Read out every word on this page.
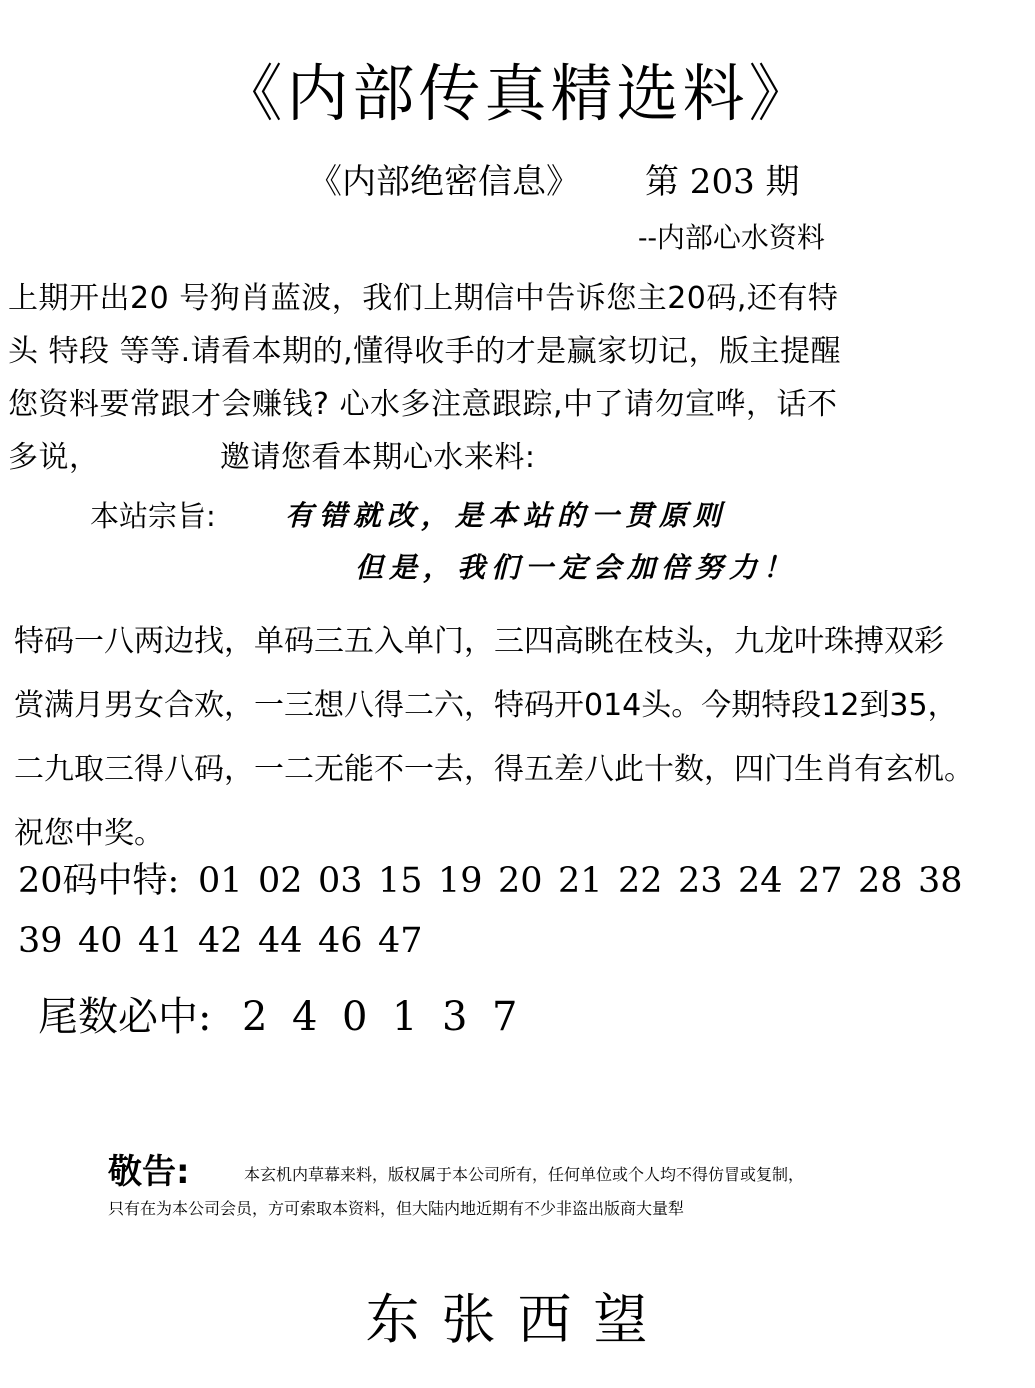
《内部传真精选料》
《内部绝密信息》 第 203 期
--内部心水资料
上期开出20 号狗肖蓝波，我们上期信中告诉您主20码,还有特
头 特段 等等.请看本期的,懂得收手的才是赢家切记，版主提醒
您资料要常跟才会赚钱? 心水多注意跟踪,中了请勿宣哗，话不
多说，            邀请您看本期心水来料:
本站宗旨: 有错就改，是本站的一贯原则
但是，我们一定会加倍努力！
特码一八两边找，单码三五入单门，三四高眺在枝头，九龙叶珠搏双彩
赏满月男女合欢，一三想八得二六，特码开014头。今期特段12到35，
二九取三得八码，一二无能不一去，得五差八此十数，四门生肖有玄机。
祝您中奖。
20码中特: 01 02 03 15 19 20 21 22 23 24 27 28 38
39 40 41 42 44 46 47
尾数必中: 2 4 0 1 3 7
敬告:	本玄机内草幕来料，版权属于本公司所有，任何单位或个人均不得仿冒或复制，
只有在为本公司会员，方可索取本资料，但大陆内地近期有不少非盗出版商大量犁
东张西望
